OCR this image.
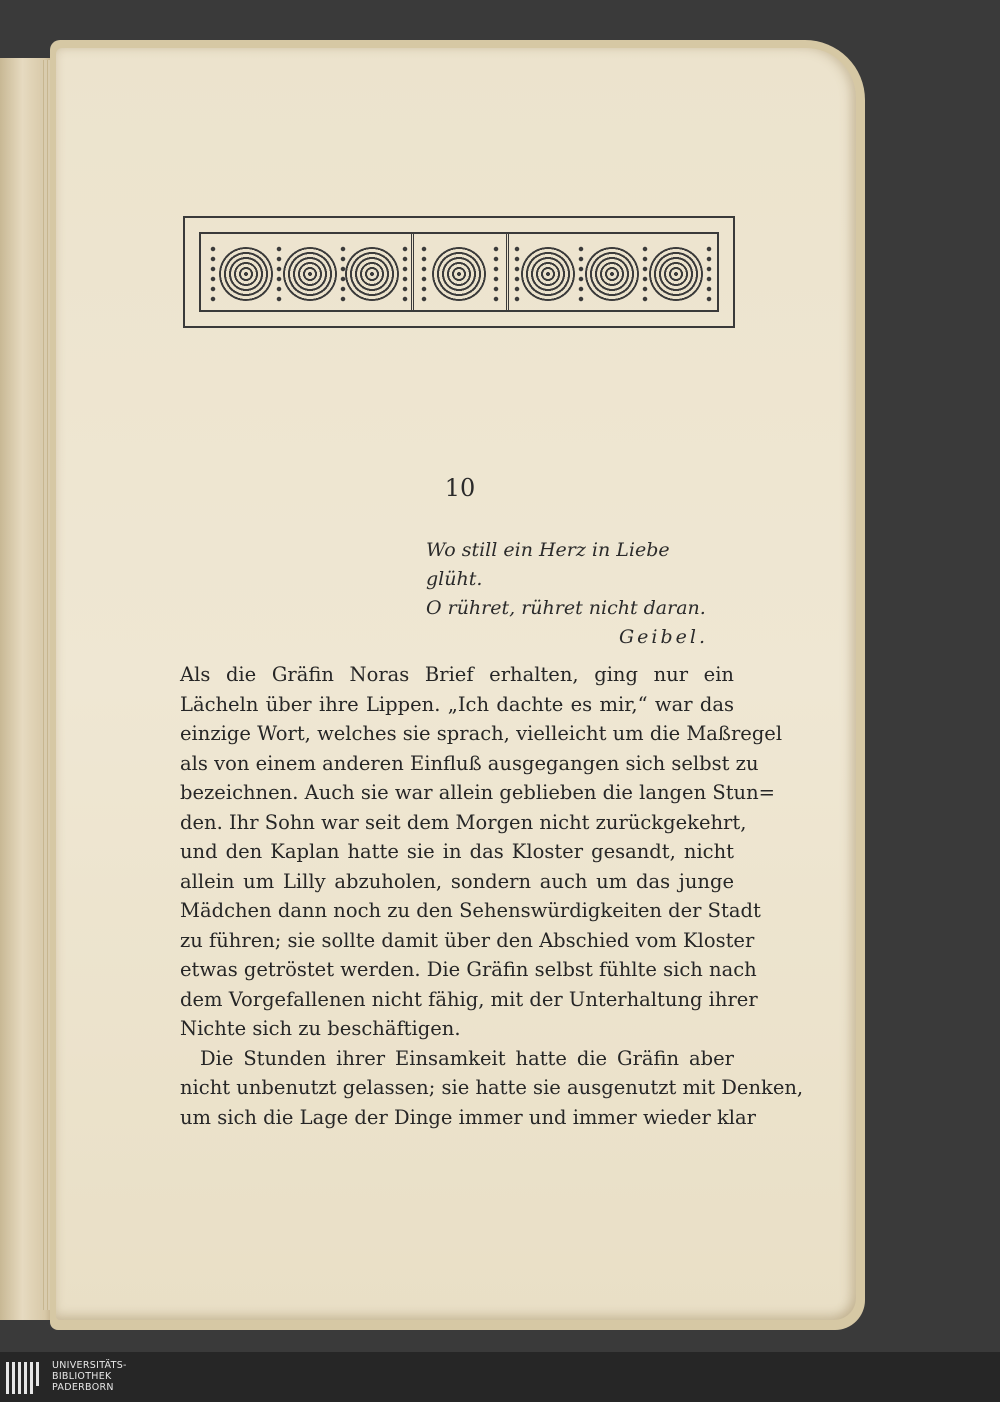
10
Wo still ein Herz in Liebe glüht.
O rühret, rühret nicht daran.
Geibel.
Als die Gräfin Noras Brief erhalten, ging nur ein
Lächeln über ihre Lippen. „Ich dachte es mir,“ war das
einzige Wort, welches sie sprach, vielleicht um die Maßregel
als von einem anderen Einfluß ausgegangen sich selbst zu
bezeichnen. Auch sie war allein geblieben die langen Stun=
den. Ihr Sohn war seit dem Morgen nicht zurückgekehrt,
und den Kaplan hatte sie in das Kloster gesandt, nicht
allein um Lilly abzuholen, sondern auch um das junge
Mädchen dann noch zu den Sehenswürdigkeiten der Stadt
zu führen; sie sollte damit über den Abschied vom Kloster
etwas getröstet werden. Die Gräfin selbst fühlte sich nach
dem Vorgefallenen nicht fähig, mit der Unterhaltung ihrer
Nichte sich zu beschäftigen.
Die Stunden ihrer Einsamkeit hatte die Gräfin aber
nicht unbenutzt gelassen; sie hatte sie ausgenutzt mit Denken,
um sich die Lage der Dinge immer und immer wieder klar
UNIVERSITÄTS-
BIBLIOTHEK
PADERBORN
